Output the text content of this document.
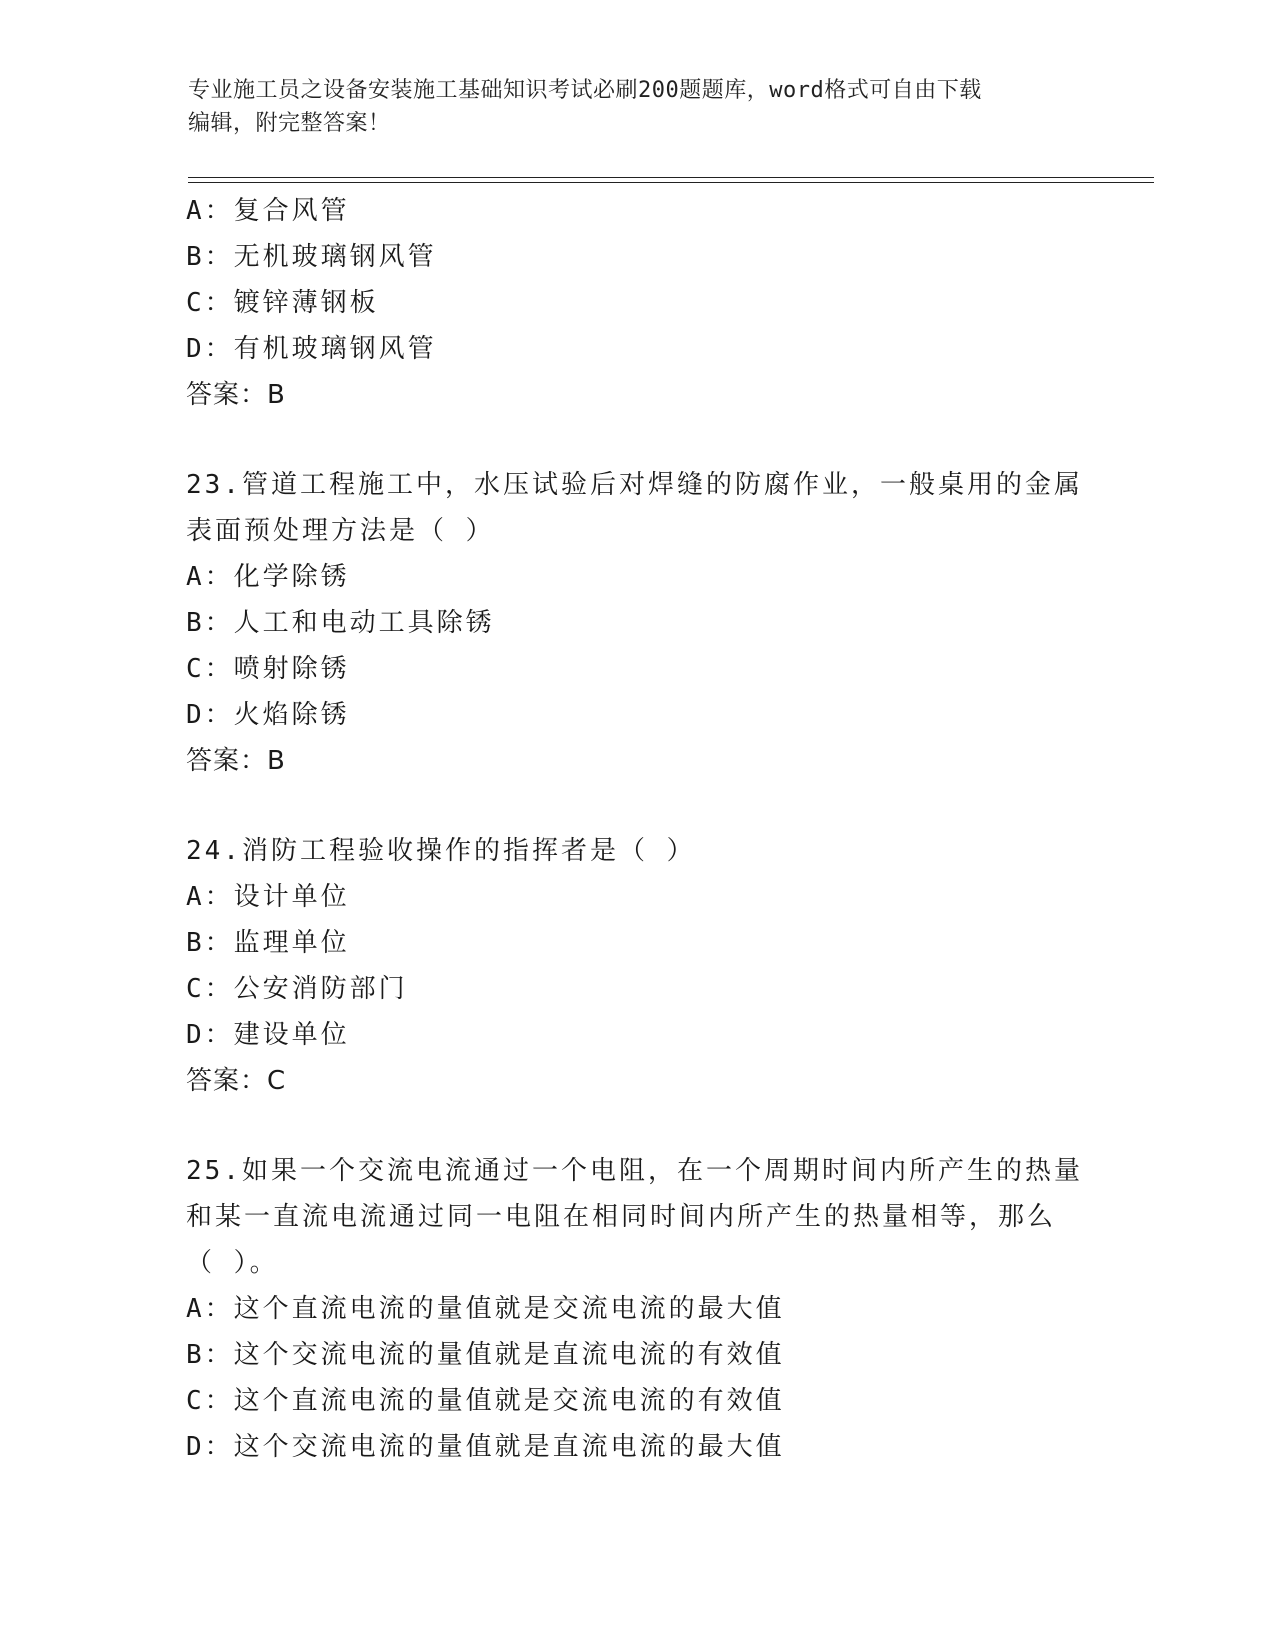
专业施工员之设备安装施工基础知识考试必刷200题题库，word格式可自由下载
编辑，附完整答案！
A：复合风管
B：无机玻璃钢风管
C：镀锌薄钢板
D：有机玻璃钢风管
答案：B
23.管道工程施工中，水压试验后对焊缝的防腐作业，一般桌用的金属
表面预处理方法是（ ）
A：化学除锈
B：人工和电动工具除锈
C：喷射除锈
D：火焰除锈
答案：B
24.消防工程验收操作的指挥者是（ ）
A：设计单位
B：监理单位
C：公安消防部门
D：建设单位
答案：C
25.如果一个交流电流通过一个电阻，在一个周期时间内所产生的热量
和某一直流电流通过同一电阻在相同时间内所产生的热量相等，那么
（ ）。
A：这个直流电流的量值就是交流电流的最大值
B：这个交流电流的量值就是直流电流的有效值
C：这个直流电流的量值就是交流电流的有效值
D：这个交流电流的量值就是直流电流的最大值
